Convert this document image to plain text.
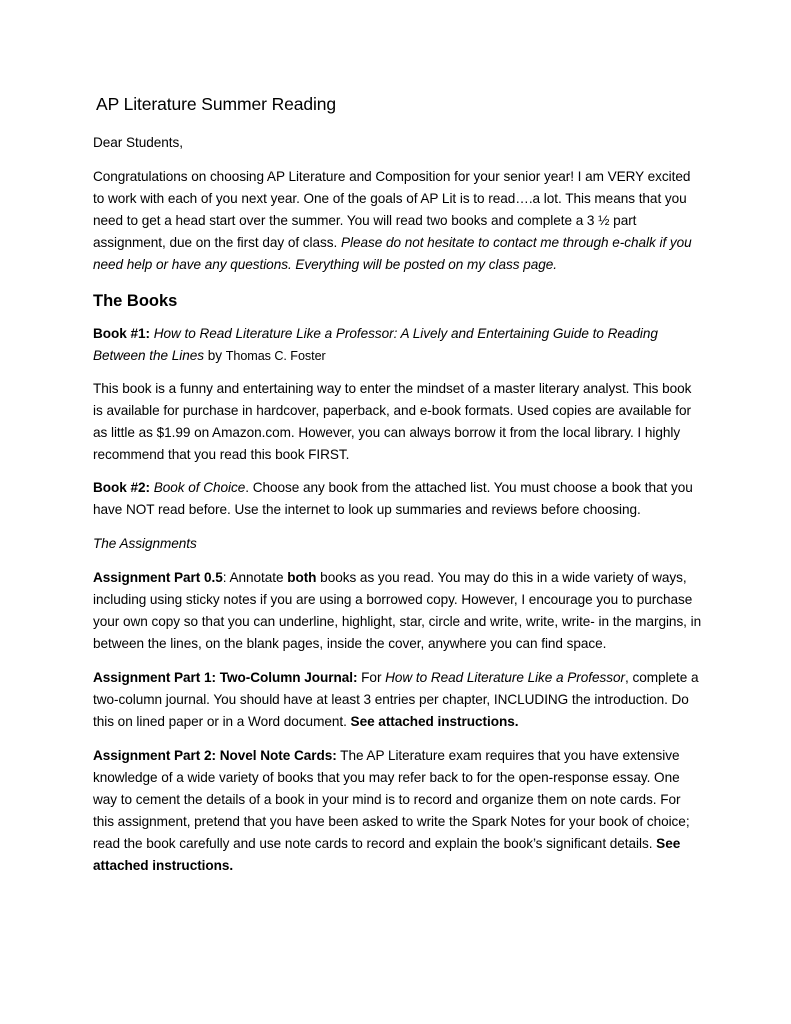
AP Literature Summer Reading

Dear Students,

Congratulations on choosing AP Literature and Composition for your senior year! I am VERY excited to work with each of you next year. One of the goals of AP Lit is to read….a lot. This means that you need to get a head start over the summer. You will read two books and complete a 3 ½ part assignment, due on the first day of class. Please do not hesitate to contact me through e-chalk if you need help or have any questions. Everything will be posted on my class page.

The Books

Book #1: How to Read Literature Like a Professor: A Lively and Entertaining Guide to Reading Between the Lines by Thomas C. Foster

This book is a funny and entertaining way to enter the mindset of a master literary analyst. This book is available for purchase in hardcover, paperback, and e-book formats. Used copies are available for as little as $1.99 on Amazon.com. However, you can always borrow it from the local library. I highly recommend that you read this book FIRST.

Book #2: Book of Choice. Choose any book from the attached list. You must choose a book that you have NOT read before. Use the internet to look up summaries and reviews before choosing.

The Assignments

Assignment Part 0.5: Annotate both books as you read. You may do this in a wide variety of ways, including using sticky notes if you are using a borrowed copy. However, I encourage you to purchase your own copy so that you can underline, highlight, star, circle and write, write, write- in the margins, in between the lines, on the blank pages, inside the cover, anywhere you can find space.

Assignment Part 1: Two-Column Journal: For How to Read Literature Like a Professor, complete a two-column journal. You should have at least 3 entries per chapter, INCLUDING the introduction. Do this on lined paper or in a Word document. See attached instructions.

Assignment Part 2: Novel Note Cards: The AP Literature exam requires that you have extensive knowledge of a wide variety of books that you may refer back to for the open-response essay. One way to cement the details of a book in your mind is to record and organize them on note cards. For this assignment, pretend that you have been asked to write the Spark Notes for your book of choice; read the book carefully and use note cards to record and explain the book’s significant details. See attached instructions.
